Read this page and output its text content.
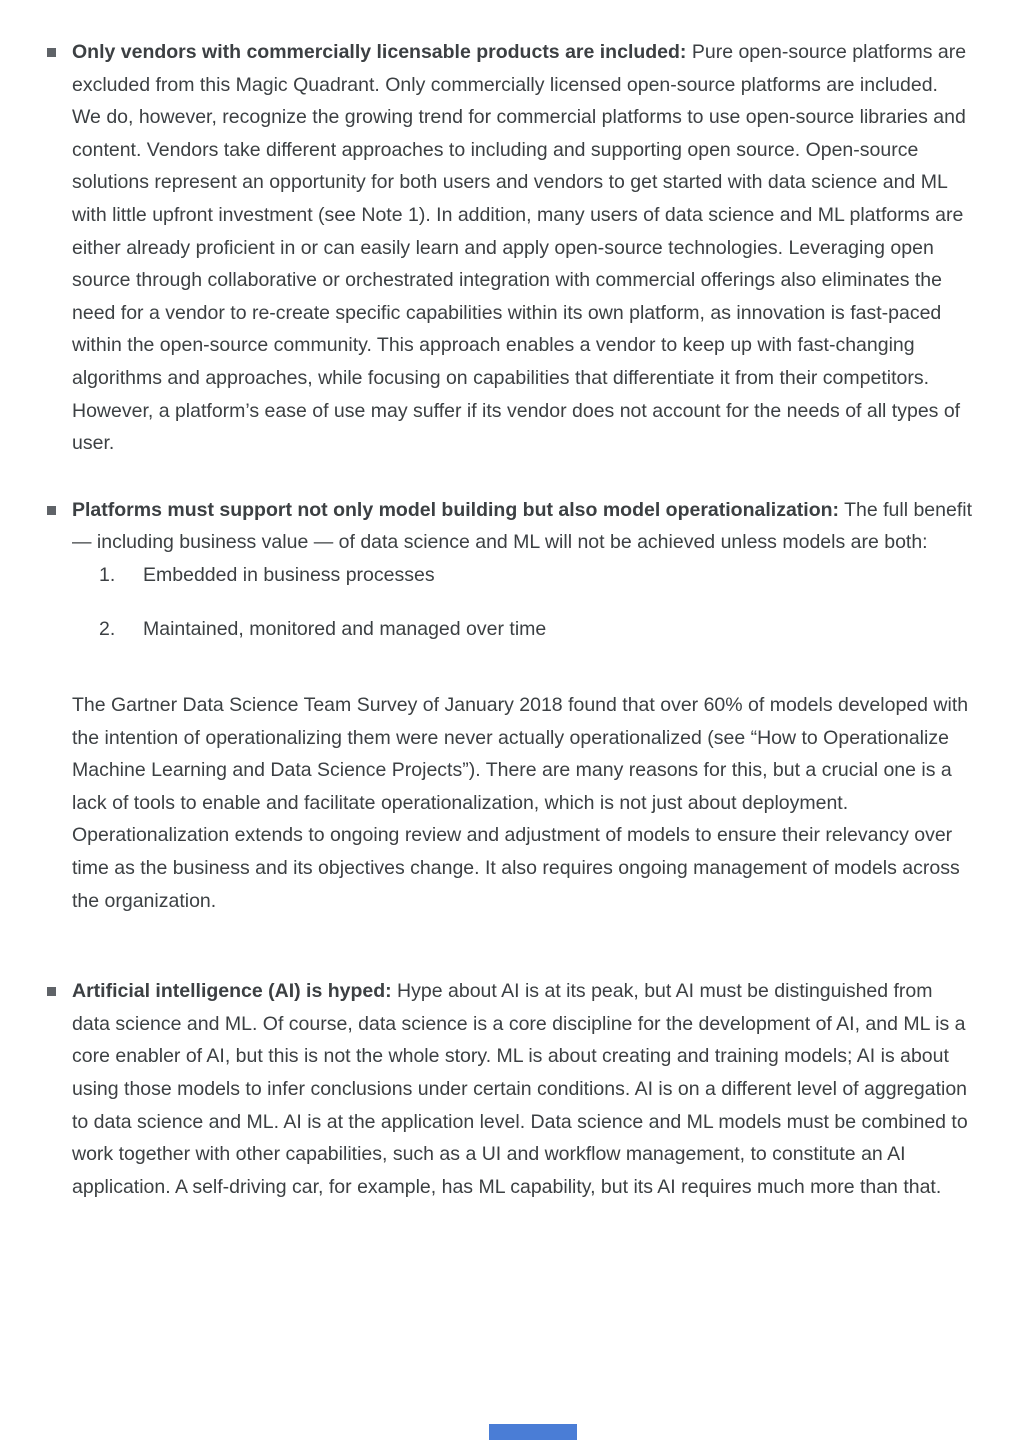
Only vendors with commercially licensable products are included: Pure open-source platforms are excluded from this Magic Quadrant. Only commercially licensed open-source platforms are included. We do, however, recognize the growing trend for commercial platforms to use open-source libraries and content. Vendors take different approaches to including and supporting open source. Open-source solutions represent an opportunity for both users and vendors to get started with data science and ML with little upfront investment (see Note 1). In addition, many users of data science and ML platforms are either already proficient in or can easily learn and apply open-source technologies. Leveraging open source through collaborative or orchestrated integration with commercial offerings also eliminates the need for a vendor to re-create specific capabilities within its own platform, as innovation is fast-paced within the open-source community. This approach enables a vendor to keep up with fast-changing algorithms and approaches, while focusing on capabilities that differentiate it from their competitors. However, a platform’s ease of use may suffer if its vendor does not account for the needs of all types of user.
Platforms must support not only model building but also model operationalization: The full benefit — including business value — of data science and ML will not be achieved unless models are both:
1.	Embedded in business processes
2.	Maintained, monitored and managed over time
The Gartner Data Science Team Survey of January 2018 found that over 60% of models developed with the intention of operationalizing them were never actually operationalized (see “How to Operationalize Machine Learning and Data Science Projects”). There are many reasons for this, but a crucial one is a lack of tools to enable and facilitate operationalization, which is not just about deployment. Operationalization extends to ongoing review and adjustment of models to ensure their relevancy over time as the business and its objectives change. It also requires ongoing management of models across the organization.
Artificial intelligence (AI) is hyped: Hype about AI is at its peak, but AI must be distinguished from data science and ML. Of course, data science is a core discipline for the development of AI, and ML is a core enabler of AI, but this is not the whole story. ML is about creating and training models; AI is about using those models to infer conclusions under certain conditions. AI is on a different level of aggregation to data science and ML. AI is at the application level. Data science and ML models must be combined to work together with other capabilities, such as a UI and workflow management, to constitute an AI application. A self-driving car, for example, has ML capability, but its AI requires much more than that.
